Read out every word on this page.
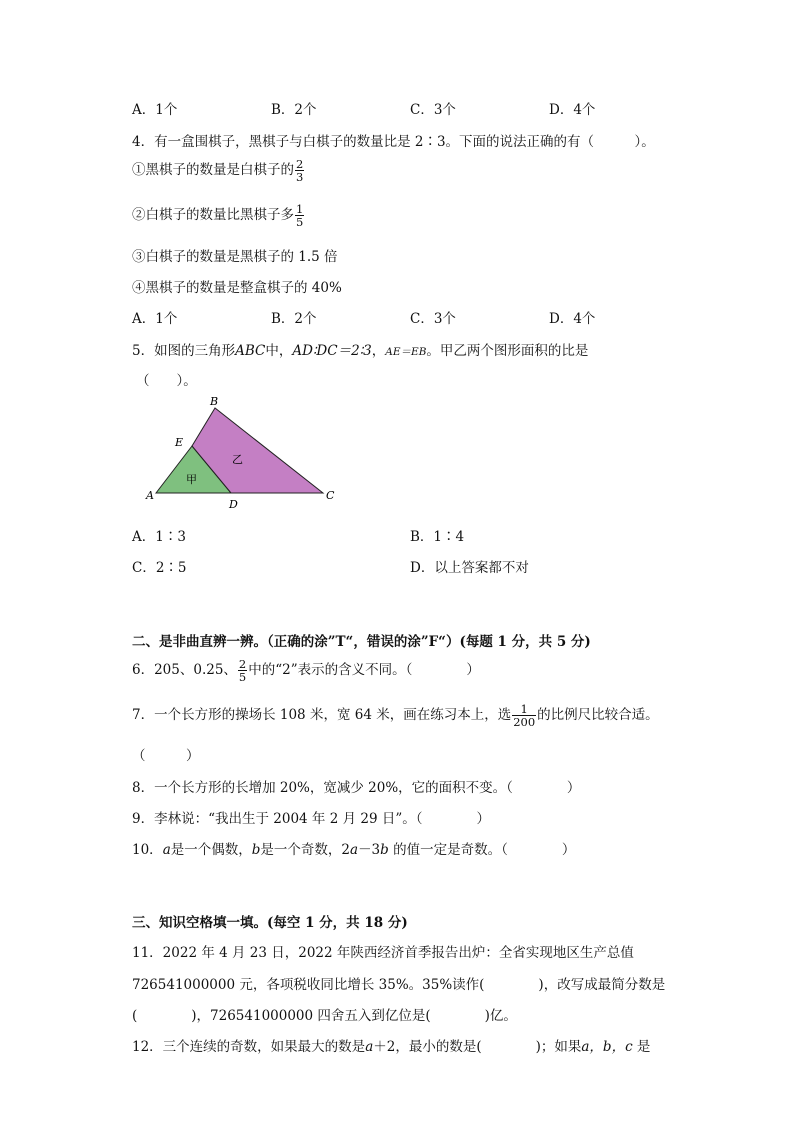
A．1个	B．2个	C．3个	D．4个
4．有一盒围棋子，黑棋子与白棋子的数量比是 2∶3。下面的说法正确的有（　　　）。
①黑棋子的数量是白棋子的 $\frac{2}{3}$
②白棋子的数量比黑棋子多 $\frac{1}{5}$
③白棋子的数量是黑棋子的 1.5 倍
④黑棋子的数量是整盒棋子的 40%
A．1个	B．2个	C．3个	D．4个
5．如图的三角形ABC中，AD∶DC＝2∶3，AE＝EB。甲乙两个图形面积的比是
（　　）。
B
E
A
D
C
甲
乙
A．1∶3	B．1∶4
C．2∶5	D．以上答案都不对
二、是非曲直辨一辨。（正确的涂”T“，错误的涂”F“）(每题 1 分，共 5 分)
6．205、0.25、 $\frac{2}{5}$ 中的“2”表示的含义不同。（　　　　）
7．一个长方形的操场长 108 米，宽 64 米，画在练习本上，选 $\frac{1}{200}$ 的比例尺比较合适。
（　　　）
8．一个长方形的长增加 20%，宽减少 20%，它的面积不变。（　　　　）
9．李林说：“我出生于 2004 年 2 月 29 日”。（　　　　）
10．a是一个偶数，b是一个奇数，2a－3b 的值一定是奇数。（　　　　）
三、知识空格填一填。(每空 1 分，共 18 分)
11．2022 年 4 月 23 日，2022 年陕西经济首季报告出炉：全省实现地区生产总值
726541000000 元，各项税收同比增长 35%。35%读作(　　　　)，改写成最简分数是
(　　　　)，726541000000 四舍五入到亿位是(　　　　)亿。
12．三个连续的奇数，如果最大的数是a＋2，最小的数是(　　　　)；如果a，b，c 是
